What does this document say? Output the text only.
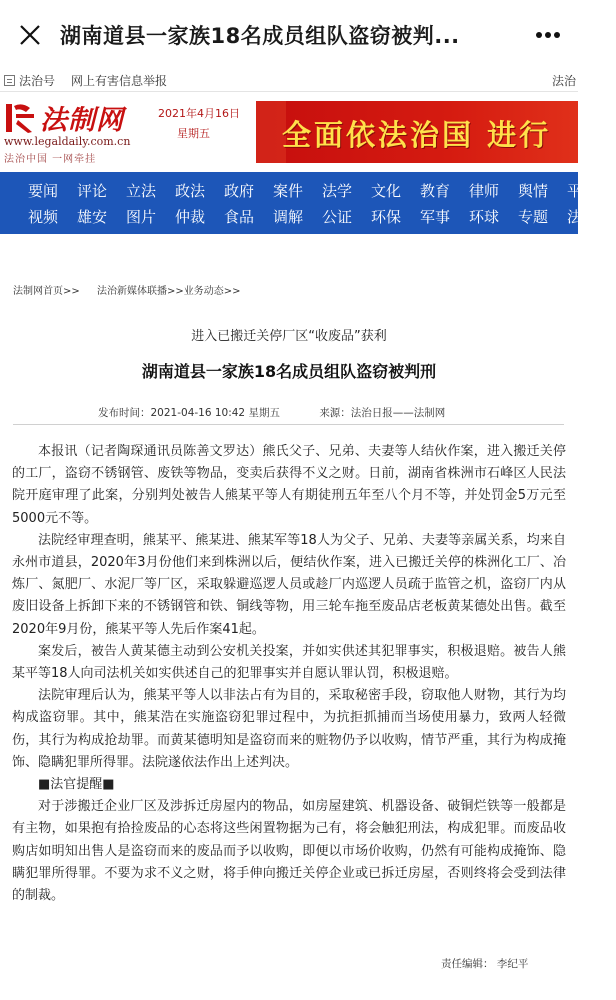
湖南道县一家族18名成员组队盗窃被判...
法治号 网上有害信息举报	法治
法制网
www.legaldaily.com.cn
法治中国 一网牵挂
2021年4月16日
星期五 全面依法治国 进行
要闻	评论	立法	政法	政府	案件	法学	文化	教育	律师	舆情	平
视频	雄安	图片	仲裁	食品	调解	公证	环保	军事	环球	专题	法
法制网首页>> 法治新媒体联播>>业务动态>>
进入已搬迁关停厂区“收废品”获利
湖南道县一家族18名成员组队盗窃被判刑
发布时间：2021-04-16 10:42 星期五	来源：法治日报——法制网

本报讯（记者陶琛通讯员陈善文罗达）熊氏父子、兄弟、夫妻等人结伙作案，进入搬迁关停的工厂，盗窃不锈钢管、废铁等物品，变卖后获得不义之财。日前，湖南省株洲市石峰区人民法院开庭审理了此案，分别判处被告人熊某平等人有期徒刑五年至八个月不等，并处罚金5万元至5000元不等。

法院经审理查明，熊某平、熊某进、熊某军等18人为父子、兄弟、夫妻等亲属关系，均来自永州市道县，2020年3月份他们来到株洲以后，便结伙作案，进入已搬迁关停的株洲化工厂、冶炼厂、氮肥厂、水泥厂等厂区，采取躲避巡逻人员或趁厂内巡逻人员疏于监管之机，盗窃厂内从废旧设备上拆卸下来的不锈钢管和铁、铜线等物，用三轮车拖至废品店老板黄某德处出售。截至2020年9月份，熊某平等人先后作案41起。

案发后，被告人黄某德主动到公安机关投案，并如实供述其犯罪事实，积极退赔。被告人熊某平等18人向司法机关如实供述自己的犯罪事实并自愿认罪认罚，积极退赔。

法院审理后认为，熊某平等人以非法占有为目的，采取秘密手段，窃取他人财物，其行为均构成盗窃罪。其中，熊某浩在实施盗窃犯罪过程中，为抗拒抓捕而当场使用暴力，致两人轻微伤，其行为构成抢劫罪。而黄某德明知是盗窃而来的赃物仍予以收购，情节严重，其行为构成掩饰、隐瞒犯罪所得罪。法院遂依法作出上述判决。

■法官提醒■

对于涉搬迁企业厂区及涉拆迁房屋内的物品，如房屋建筑、机器设备、破铜烂铁等一般都是有主物，如果抱有拾捡废品的心态将这些闲置物据为己有，将会触犯刑法，构成犯罪。而废品收购店如明知出售人是盗窃而来的废品而予以收购，即便以市场价收购，仍然有可能构成掩饰、隐瞒犯罪所得罪。不要为求不义之财，将手伸向搬迁关停企业或已拆迁房屋，否则终将会受到法律的制裁。

责任编辑： 李纪平
